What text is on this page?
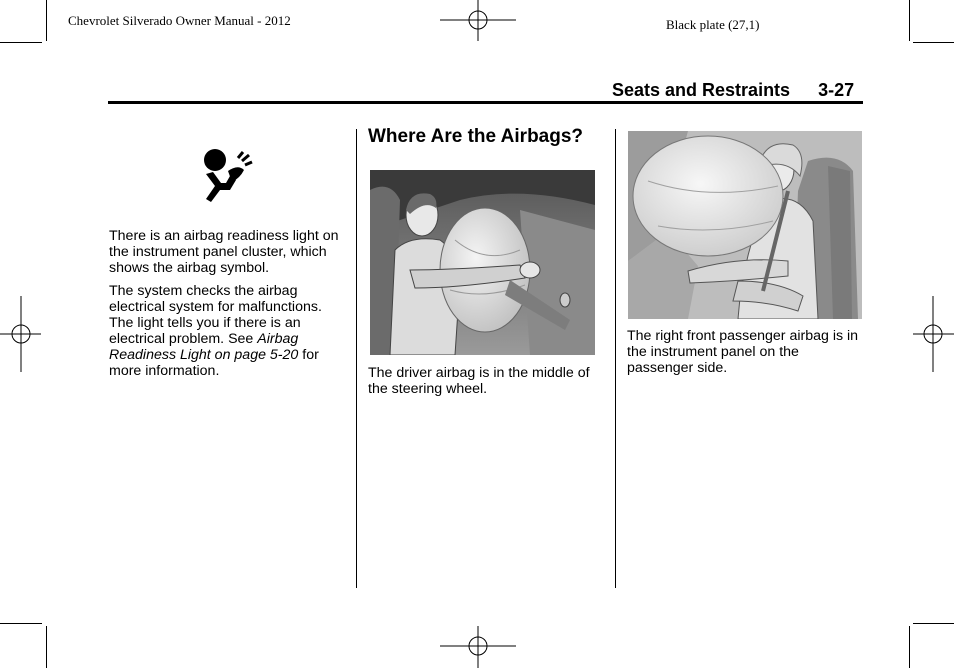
Chevrolet Silverado Owner Manual - 2012	Black plate (27,1)
Seats and Restraints 3-27

There is an airbag readiness light on the instrument panel cluster, which shows the airbag symbol.

The system checks the airbag electrical system for malfunctions. The light tells you if there is an electrical problem. See Airbag Readiness Light on page 5-20 for more information.

Where Are the Airbags?
The driver airbag is in the middle of the steering wheel.
The right front passenger airbag is in the instrument panel on the passenger side.
